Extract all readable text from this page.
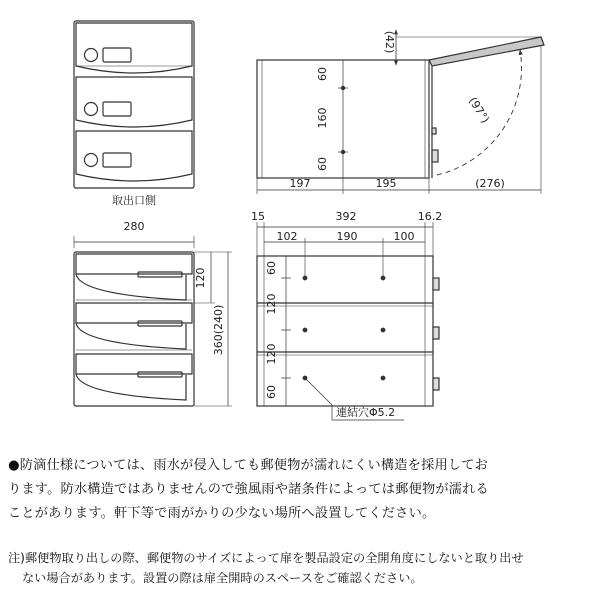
取出口側
(42)
60
160
60
(97°)
197	195	(276)
280
120
360(240)
15	392	16.2
102	190	100
60
120
120
60
連結穴Φ5.2

●防滴仕様については、雨水が侵入しても郵便物が濡れにくい構造を採用してお

ります。防水構造ではありませんので強風雨や諸条件によっては郵便物が濡れる

ことがあります。軒下等で雨がかりの少ない場所へ設置してください。

注)郵便物取り出しの際、郵便物のサイズによって扉を製品設定の全開角度にしないと取り出せ

ない場合があります。設置の際は扉全開時のスペースをご確認ください。
